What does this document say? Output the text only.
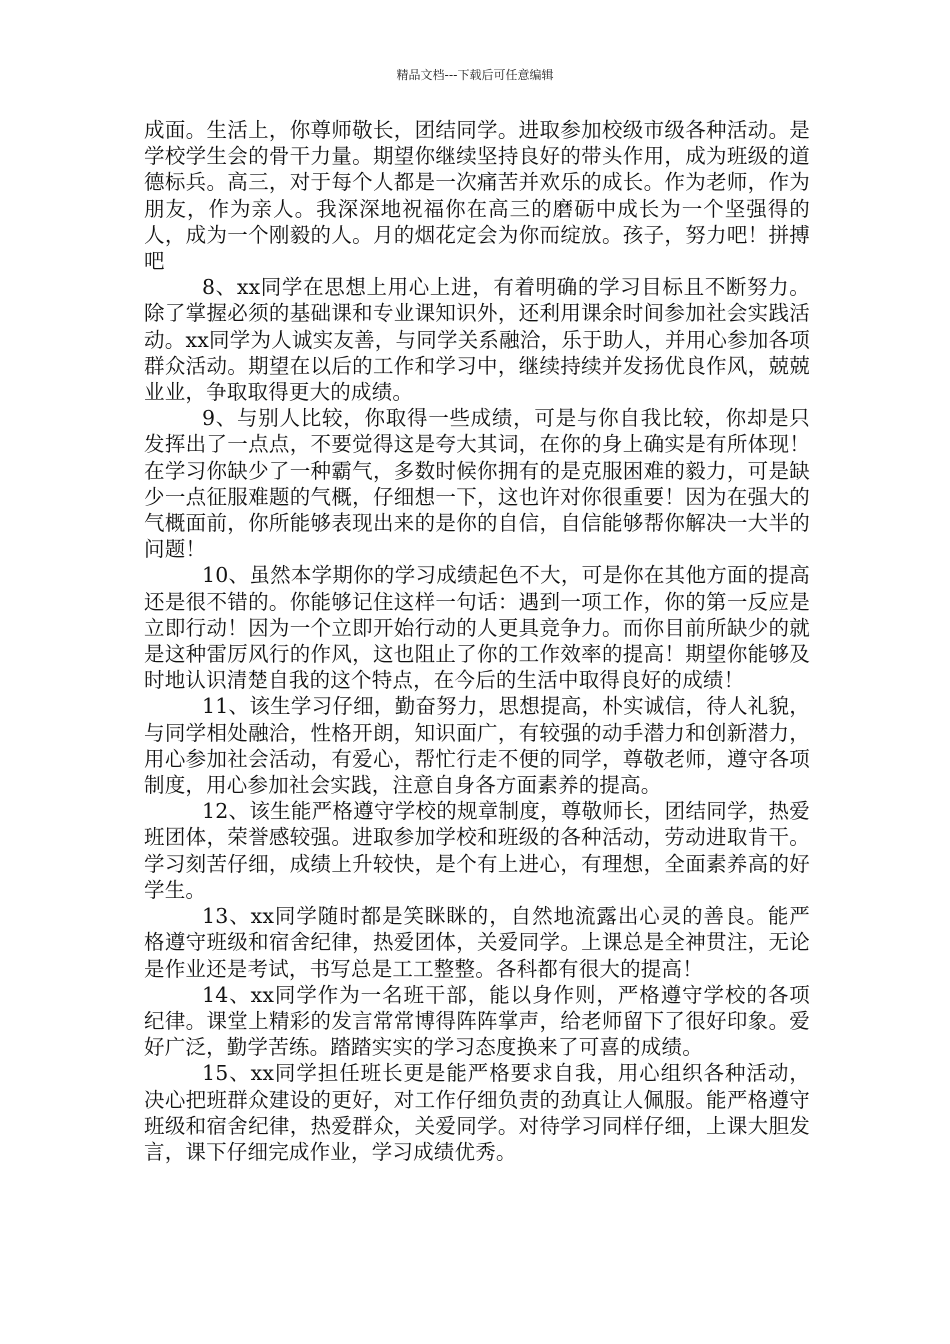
精品文档---下载后可任意编辑

成面。生活上，你尊师敬长，团结同学。进取参加校级市级各种活动。是学校学生会的骨干力量。期望你继续坚持良好的带头作用，成为班级的道德标兵。高三，对于每个人都是一次痛苦并欢乐的成长。作为老师，作为朋友，作为亲人。我深深地祝福你在高三的磨砺中成长为一个坚强得的人，成为一个刚毅的人。月的烟花定会为你而绽放。孩子，努力吧！拼搏吧

8、xx同学在思想上用心上进，有着明确的学习目标且不断努力。除了掌握必须的基础课和专业课知识外，还利用课余时间参加社会实践活动。xx同学为人诚实友善，与同学关系融洽，乐于助人，并用心参加各项群众活动。期望在以后的工作和学习中，继续持续并发扬优良作风，兢兢业业，争取取得更大的成绩。

9、与别人比较，你取得一些成绩，可是与你自我比较，你却是只发挥出了一点点，不要觉得这是夸大其词，在你的身上确实是有所体现！在学习你缺少了一种霸气，多数时候你拥有的是克服困难的毅力，可是缺少一点征服难题的气概，仔细想一下，这也许对你很重要！因为在强大的气概面前，你所能够表现出来的是你的自信，自信能够帮你解决一大半的问题！

10、虽然本学期你的学习成绩起色不大，可是你在其他方面的提高还是很不错的。你能够记住这样一句话：遇到一项工作，你的第一反应是立即行动！因为一个立即开始行动的人更具竞争力。而你目前所缺少的就是这种雷厉风行的作风，这也阻止了你的工作效率的提高！期望你能够及时地认识清楚自我的这个特点，在今后的生活中取得良好的成绩！

11、该生学习仔细，勤奋努力，思想提高，朴实诚信，待人礼貌，与同学相处融洽，性格开朗，知识面广，有较强的动手潜力和创新潜力，用心参加社会活动，有爱心，帮忙行走不便的同学，尊敬老师，遵守各项制度，用心参加社会实践，注意自身各方面素养的提高。

12、该生能严格遵守学校的规章制度，尊敬师长，团结同学，热爱班团体，荣誉感较强。进取参加学校和班级的各种活动，劳动进取肯干。学习刻苦仔细，成绩上升较快，是个有上进心，有理想，全面素养高的好学生。

13、xx同学随时都是笑眯眯的，自然地流露出心灵的善良。能严格遵守班级和宿舍纪律，热爱团体，关爱同学。上课总是全神贯注，无论是作业还是考试，书写总是工工整整。各科都有很大的提高！

14、xx同学作为一名班干部，能以身作则，严格遵守学校的各项纪律。课堂上精彩的发言常常博得阵阵掌声，给老师留下了很好印象。爱好广泛，勤学苦练。踏踏实实的学习态度换来了可喜的成绩。

15、xx同学担任班长更是能严格要求自我，用心组织各种活动，决心把班群众建设的更好，对工作仔细负责的劲真让人佩服。能严格遵守班级和宿舍纪律，热爱群众，关爱同学。对待学习同样仔细，上课大胆发言，课下仔细完成作业，学习成绩优秀。
